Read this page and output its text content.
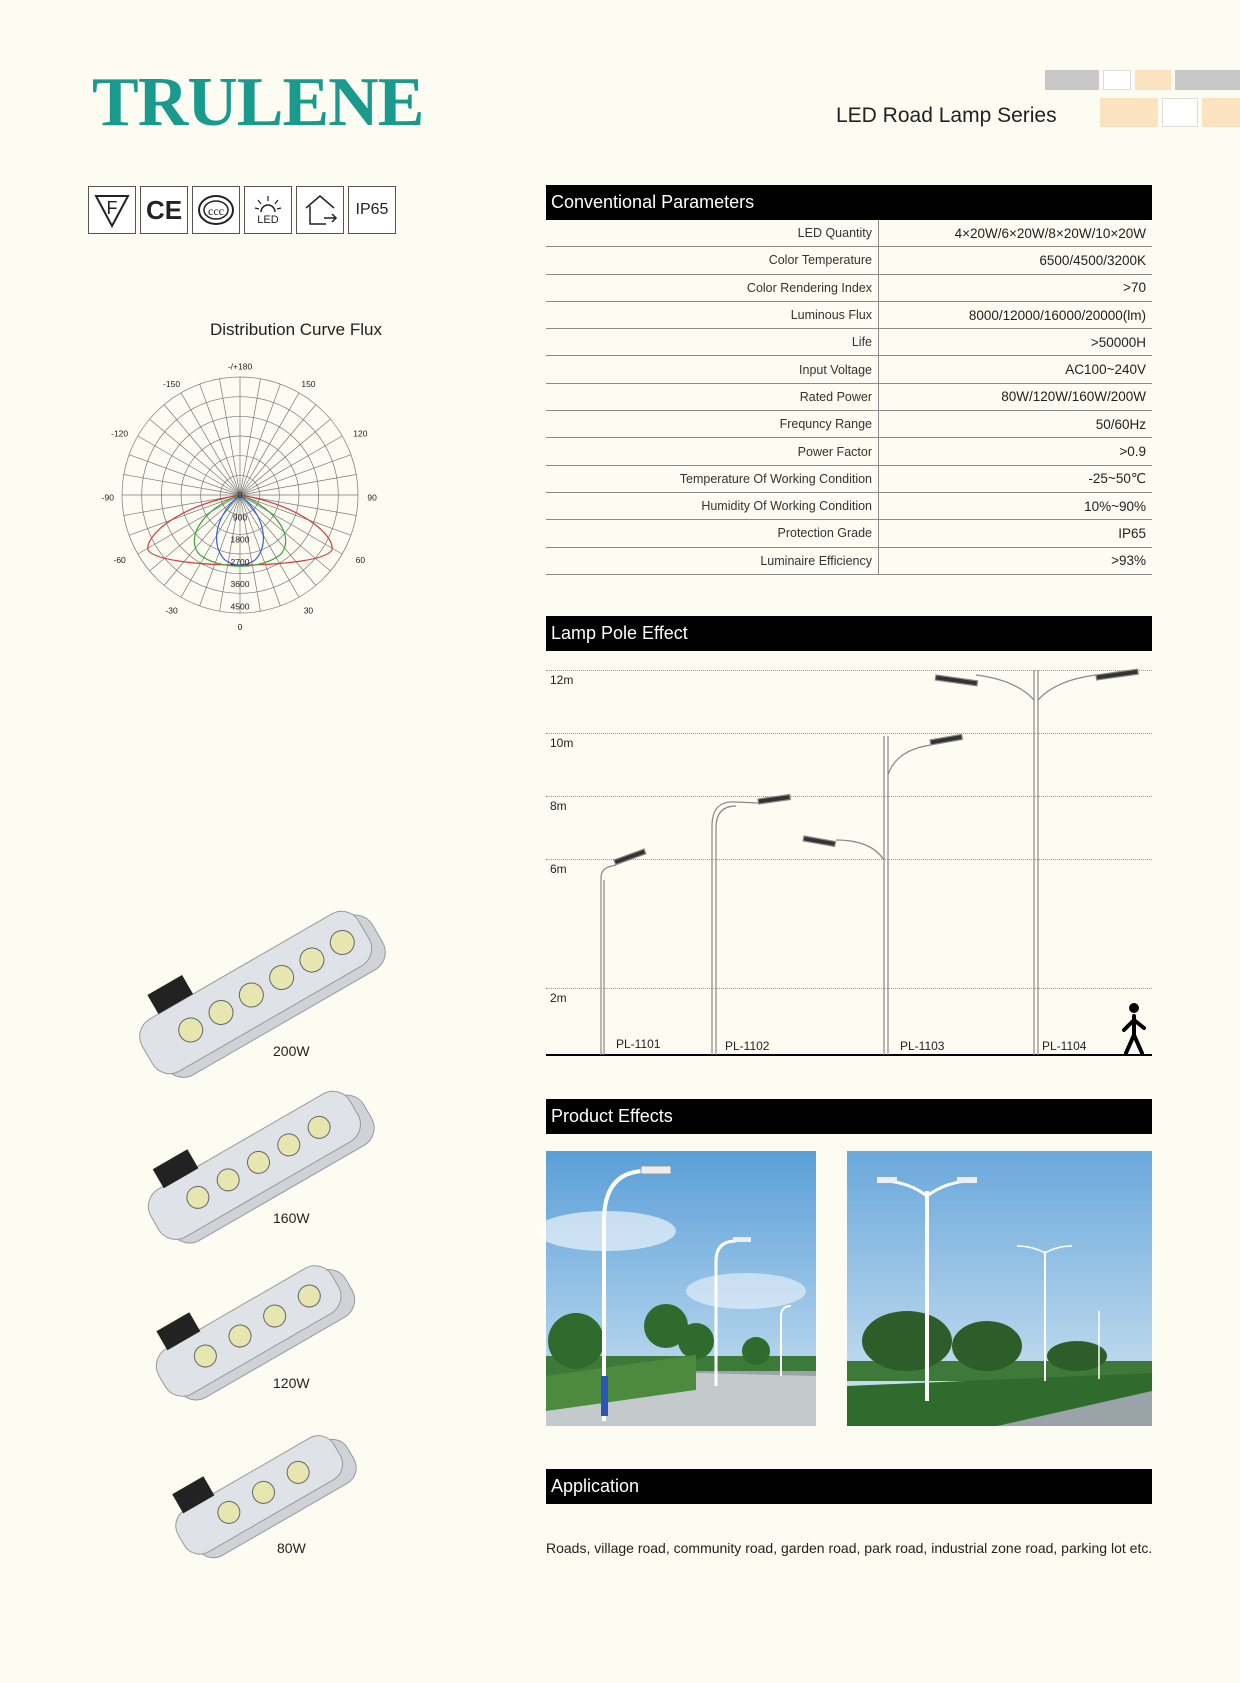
TRULENE	LED Road Lamp Series
F CE	ccc
LED
IP65
Distribution Curve Flux
-/+180
-150	150
-120	120
-90	90
-60	60
-30	30
0
0
900
1800
2700
3600
4500
Conventional Parameters
LED Quantity	4×20W/6×20W/8×20W/10×20W
Color Temperature	6500/4500/3200K
Color Rendering Index	>70
Luminous Flux	8000/12000/16000/20000(lm)
Life	>50000H
Input Voltage	AC100~240V
Rated Power	80W/120W/160W/200W
Frequncy Range	50/60Hz
Power Factor	>0.9
Temperature Of Working Condition	-25~50℃
Humidity Of Working Condition	10%~90%
Protection Grade	IP65
Luminaire Efficiency	>93%
Lamp Pole Effect
12m
10m
8m
6m
2m
PL-1101	PL-1102	PL-1103	PL-1104
200W
160W
120W
80W
Product Effects
Application
Roads, village road, community road, garden road, park road, industrial zone road, parking lot etc.
